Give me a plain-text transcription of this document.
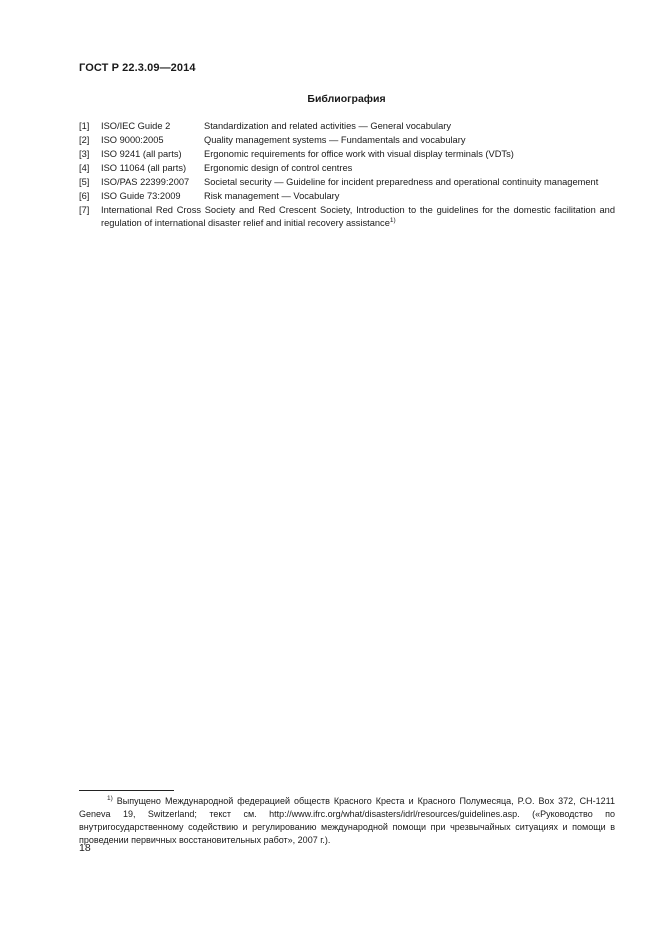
ГОСТ Р 22.3.09—2014
Библиография
[1]	ISO/IEC Guide 2	Standardization and related activities — General vocabulary
[2]	ISO 9000:2005	Quality management systems — Fundamentals and vocabulary
[3]	ISO 9241 (all parts)	Ergonomic requirements for office work with visual display terminals (VDTs)
[4]	ISO 11064 (all parts)	Ergonomic design of control centres
[5]	ISO/PAS 22399:2007	Societal security — Guideline for incident preparedness and operational continuity management
[6]	ISO Guide 73:2009	Risk management — Vocabulary
[7]	International Red Cross Society and Red Crescent Society, Introduction to the guidelines for the domestic facilitation and regulation of international disaster relief and initial recovery assistance$^{1)}$
$^{1)}$ Выпущено Международной федерацией обществ Красного Креста и Красного Полумесяца, P.O. Box 372, CH-1211 Geneva 19, Switzerland; текст см. http://www.ifrc.org/what/disasters/idrl/resources/guidelines.asp. («Руководство по внутригосударственному содействию и регулированию международной помощи при чрезвычайных ситуациях и помощи в проведении первичных восстановительных работ», 2007 г.).
18
